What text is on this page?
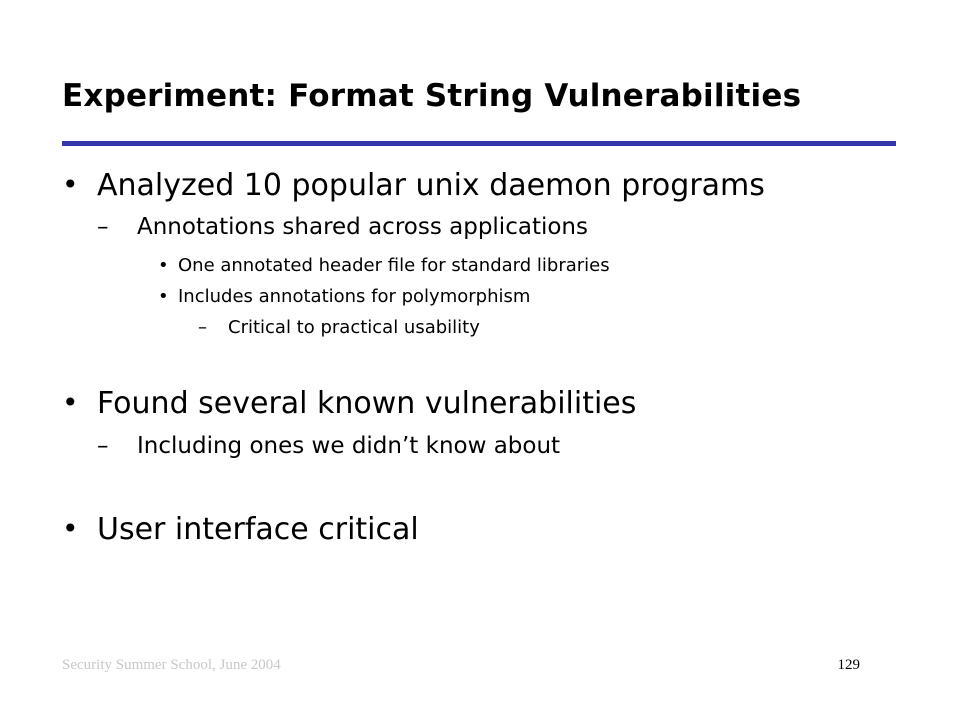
Experiment: Format String Vulnerabilities
• Analyzed 10 popular unix daemon programs
– Annotations shared across applications
• One annotated header file for standard libraries
• Includes annotations for polymorphism
– Critical to practical usability
• Found several known vulnerabilities
– Including ones we didn’t know about
• User interface critical
Security Summer School, June 2004	129
